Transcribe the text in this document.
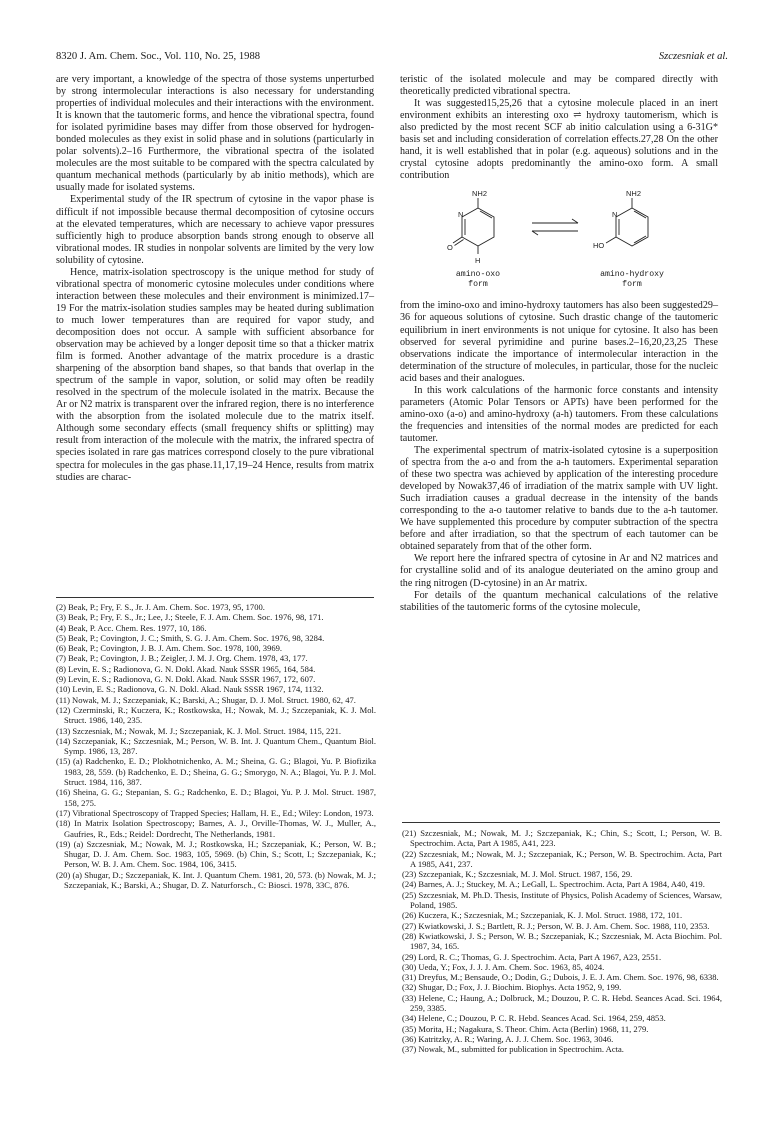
8320 J. Am. Chem. Soc., Vol. 110, No. 25, 1988	Szczesniak et al.

are very important, a knowledge of the spectra of those systems unperturbed by strong intermolecular interactions is also necessary for understanding properties of individual molecules and their interactions with the environment. It is known that the tautomeric forms, and hence the vibrational spectra, found for isolated pyrimidine bases may differ from those observed for hydrogen-bonded molecules as they exist in solid phase and in solutions (particularly in polar solvents).2–16 Furthermore, the vibrational spectra of the isolated molecules are the most suitable to be compared with the spectra calculated by quantum mechanical methods (particularly by ab initio methods), which are usually made for isolated systems.

Experimental study of the IR spectrum of cytosine in the vapor phase is difficult if not impossible because thermal decomposition of cytosine occurs at the elevated temperatures, which are necessary to achieve vapor pressures sufficiently high to produce absorption bands strong enough to observe all vibrational modes. IR studies in nonpolar solvents are limited by the very low solubility of cytosine.

Hence, matrix-isolation spectroscopy is the unique method for study of vibrational spectra of monomeric cytosine molecules under conditions where interaction between these molecules and their environment is minimized.17–19 For the matrix-isolation studies samples may be heated during sublimation to much lower temperatures than are required for vapor study, and decomposition does not occur. A sample with sufficient absorbance for observation may be achieved by a longer deposit time so that a thicker matrix film is formed. Another advantage of the matrix procedure is a drastic sharpening of the absorption band shapes, so that bands that overlap in the spectrum of the sample in vapor, solution, or solid may often be readily resolved in the spectrum of the molecule isolated in the matrix. Because the Ar or N2 matrix is transparent over the infrared region, there is no interference with the absorption from the isolated molecule due to the matrix itself. Although some secondary effects (small frequency shifts or splitting) may result from interaction of the molecule with the matrix, the infrared spectra of species isolated in rare gas matrices correspond closely to the pure vibrational spectra for molecules in the gas phase.11,17,19–24 Hence, results from matrix studies are charac-

teristic of the isolated molecule and may be compared directly with theoretically predicted vibrational spectra.

It was suggested15,25,26 that a cytosine molecule placed in an inert environment exhibits an interesting oxo ⇌ hydroxy tautomerism, which is also predicted by the most recent SCF ab initio calculation using a 6-31G* basis set and including consideration of correlation effects.27,28 On the other hand, it is well established that in polar (e.g. aqueous) solutions and in the crystal cytosine adopts predominantly the amino-oxo form. A small contribution

NH2
N
O
H
NH2
N
HO
amino-oxo
form
amino-hydroxy
form

from the imino-oxo and imino-hydroxy tautomers has also been suggested29–36 for aqueous solutions of cytosine. Such drastic change of the tautomeric equilibrium in inert environments is not unique for cytosine. It also has been observed for several pyrimidine and purine bases.2–16,20,23,25 These observations indicate the importance of intermolecular interaction in the determination of the structure of molecules, in particular, those for the nucleic acid bases and their analogues.

In this work calculations of the harmonic force constants and intensity parameters (Atomic Polar Tensors or APTs) have been performed for the amino-oxo (a-o) and amino-hydroxy (a-h) tautomers. From these calculations the frequencies and intensities of the normal modes are predicted for each tautomer.

The experimental spectrum of matrix-isolated cytosine is a superposition of spectra from the a-o and from the a-h tautomers. Experimental separation of these two spectra was achieved by application of the interesting procedure developed by Nowak37,46 of irradiation of the matrix sample with UV light. Such irradiation causes a gradual decrease in the intensity of the bands corresponding to the a-o tautomer relative to bands due to the a-h tautomer. We have supplemented this procedure by computer subtraction of the spectra before and after irradiation, so that the spectrum of each tautomer can be obtained separately from that of the other form.

We report here the infrared spectra of cytosine in Ar and N2 matrices and for crystalline solid and of its analogue deuteriated on the amino group and the ring nitrogen (D-cytosine) in an Ar matrix.

For details of the quantum mechanical calculations of the relative stabilities of the tautomeric forms of the cytosine molecule,

(2) Beak, P.; Fry, F. S., Jr. J. Am. Chem. Soc. 1973, 95, 1700.
(3) Beak, P.; Fry, F. S., Jr.; Lee, J.; Steele, F. J. Am. Chem. Soc. 1976, 98, 171.
(4) Beak, P. Acc. Chem. Res. 1977, 10, 186.
(5) Beak, P.; Covington, J. C.; Smith, S. G. J. Am. Chem. Soc. 1976, 98, 3284.
(6) Beak, P.; Covington, J. B. J. Am. Chem. Soc. 1978, 100, 3969.
(7) Beak, P.; Covington, J. B.; Zeigler, J. M. J. Org. Chem. 1978, 43, 177.
(8) Levin, E. S.; Radionova, G. N. Dokl. Akad. Nauk SSSR 1965, 164, 584.
(9) Levin, E. S.; Radionova, G. N. Dokl. Akad. Nauk SSSR 1967, 172, 607.
(10) Levin, E. S.; Radionova, G. N. Dokl. Akad. Nauk SSSR 1967, 174, 1132.
(11) Nowak, M. J.; Szczepaniak, K.; Barski, A.; Shugar, D. J. Mol. Struct. 1980, 62, 47.
(12) Czerminski, R.; Kuczera, K.; Rostkowska, H.; Nowak, M. J.; Szczepaniak, K. J. Mol. Struct. 1986, 140, 235.
(13) Szczesniak, M.; Nowak, M. J.; Szczepaniak, K. J. Mol. Struct. 1984, 115, 221.
(14) Szczepaniak, K.; Szczesniak, M.; Person, W. B. Int. J. Quantum Chem., Quantum Biol. Symp. 1986, 13, 287.
(15) (a) Radchenko, E. D.; Plokhotnichenko, A. M.; Sheina, G. G.; Blagoi, Yu. P. Biofizika 1983, 28, 559. (b) Radchenko, E. D.; Sheina, G. G.; Smorygo, N. A.; Blagoi, Yu. P. J. Mol. Struct. 1984, 116, 387.
(16) Sheina, G. G.; Stepanian, S. G.; Radchenko, E. D.; Blagoi, Yu. P. J. Mol. Struct. 1987, 158, 275.
(17) Vibrational Spectroscopy of Trapped Species; Hallam, H. E., Ed.; Wiley: London, 1973.
(18) In Matrix Isolation Spectroscopy; Barnes, A. J., Orville-Thomas, W. J., Muller, A., Gaufries, R., Eds.; Reidel: Dordrecht, The Netherlands, 1981.
(19) (a) Szczesniak, M.; Nowak, M. J.; Rostkowska, H.; Szczepaniak, K.; Person, W. B.; Shugar, D. J. Am. Chem. Soc. 1983, 105, 5969. (b) Chin, S.; Scott, I.; Szczepaniak, K.; Person, W. B. J. Am. Chem. Soc. 1984, 106, 3415.
(20) (a) Shugar, D.; Szczepaniak, K. Int. J. Quantum Chem. 1981, 20, 573. (b) Nowak, M. J.; Szczepaniak, K.; Barski, A.; Shugar, D. Z. Naturforsch., C: Biosci. 1978, 33C, 876.
(21) Szczesniak, M.; Nowak, M. J.; Szczepaniak, K.; Chin, S.; Scott, I.; Person, W. B. Spectrochim. Acta, Part A 1985, A41, 223.
(22) Szczesniak, M.; Nowak, M. J.; Szczepaniak, K.; Person, W. B. Spectrochim. Acta, Part A 1985, A41, 237.
(23) Szczepaniak, K.; Szczesniak, M. J. Mol. Struct. 1987, 156, 29.
(24) Barnes, A. J.; Stuckey, M. A.; LeGall, L. Spectrochim. Acta, Part A 1984, A40, 419.
(25) Szczesniak, M. Ph.D. Thesis, Institute of Physics, Polish Academy of Sciences, Warsaw, Poland, 1985.
(26) Kuczera, K.; Szczesniak, M.; Szczepaniak, K. J. Mol. Struct. 1988, 172, 101.
(27) Kwiatkowski, J. S.; Bartlett, R. J.; Person, W. B. J. Am. Chem. Soc. 1988, 110, 2353.
(28) Kwiatkowski, J. S.; Person, W. B.; Szczepaniak, K.; Szczesniak, M. Acta Biochim. Pol. 1987, 34, 165.
(29) Lord, R. C.; Thomas, G. J. Spectrochim. Acta, Part A 1967, A23, 2551.
(30) Ueda, Y.; Fox, J. J. J. Am. Chem. Soc. 1963, 85, 4024.
(31) Dreyfus, M.; Bensaude, O.; Dodin, G.; Dubois, J. E. J. Am. Chem. Soc. 1976, 98, 6338.
(32) Shugar, D.; Fox, J. J. Biochim. Biophys. Acta 1952, 9, 199.
(33) Helene, C.; Haung, A.; Dolbruck, M.; Douzou, P. C. R. Hebd. Seances Acad. Sci. 1964, 259, 3385.
(34) Helene, C.; Douzou, P. C. R. Hebd. Seances Acad. Sci. 1964, 259, 4853.
(35) Morita, H.; Nagakura, S. Theor. Chim. Acta (Berlin) 1968, 11, 279.
(36) Katritzky, A. R.; Waring, A. J. J. Chem. Soc. 1963, 3046.
(37) Nowak, M., submitted for publication in Spectrochim. Acta.
